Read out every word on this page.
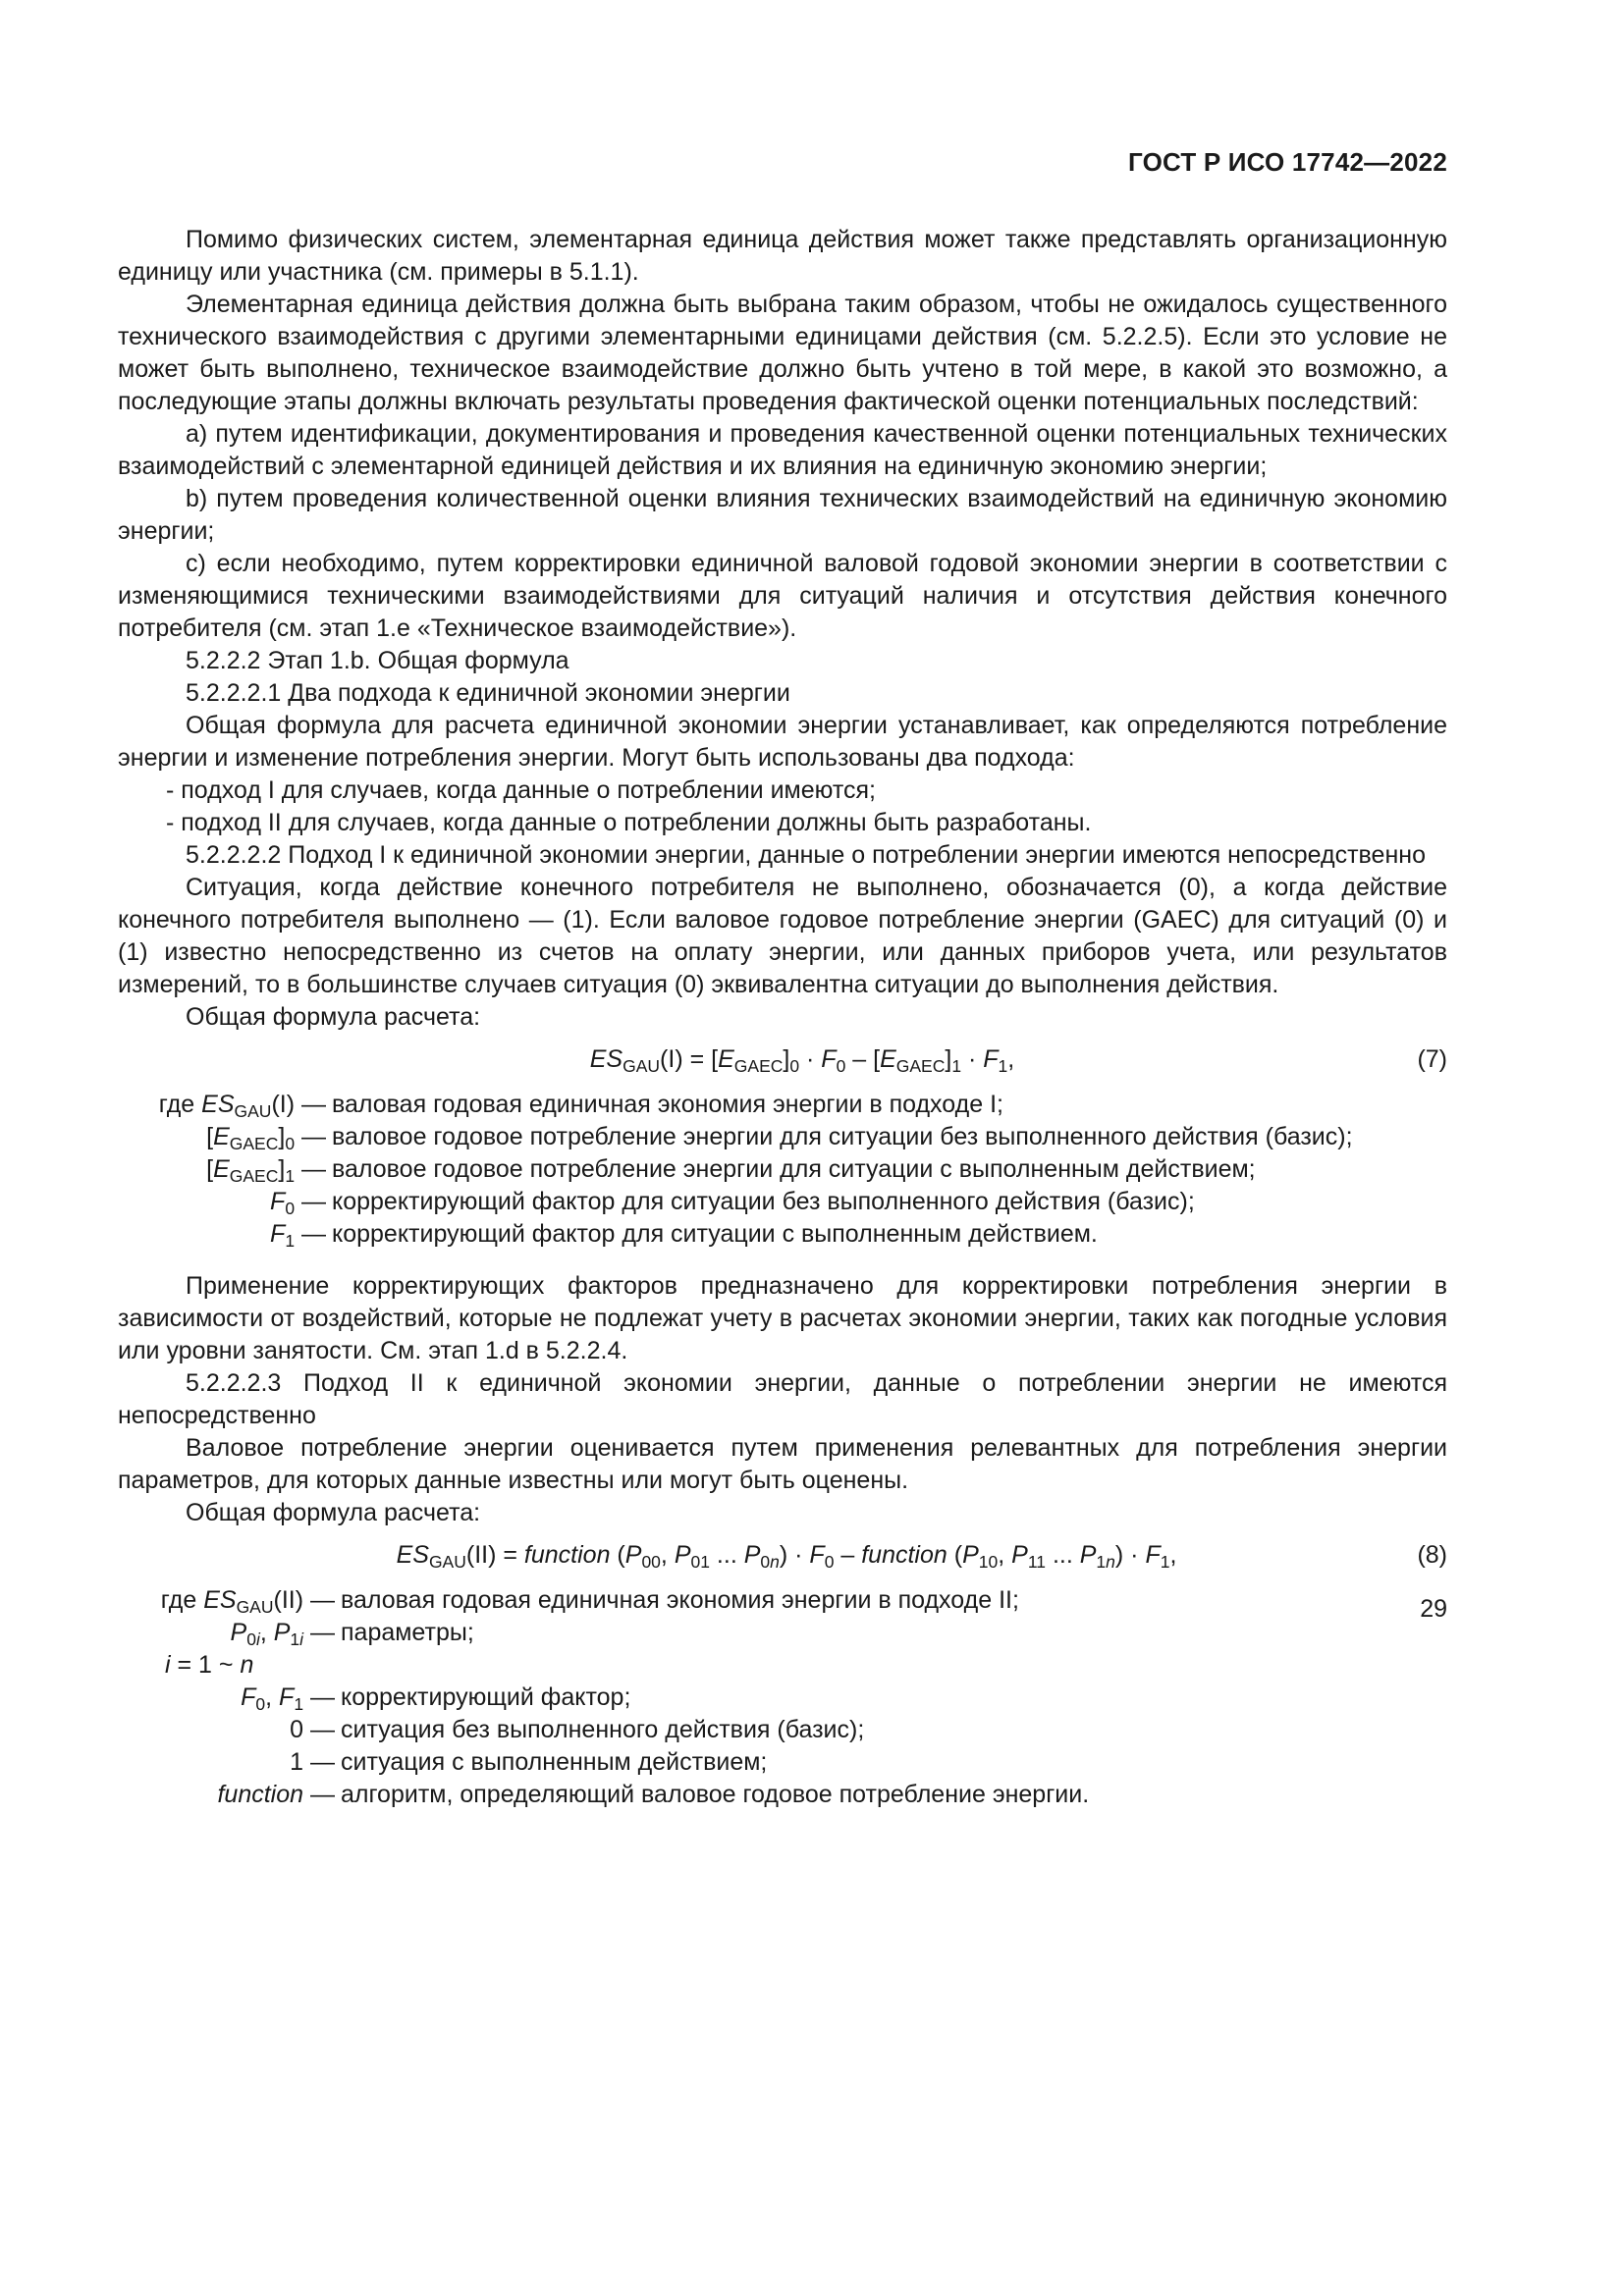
ГОСТ Р ИСО 17742—2022

Помимо физических систем, элементарная единица действия может также представлять организационную единицу или участника (см. примеры в 5.1.1).

Элементарная единица действия должна быть выбрана таким образом, чтобы не ожидалось существенного технического взаимодействия с другими элементарными единицами действия (см. 5.2.2.5). Если это условие не может быть выполнено, техническое взаимодействие должно быть учтено в той мере, в какой это возможно, а последующие этапы должны включать результаты проведения фактической оценки потенциальных последствий:

a) путем идентификации, документирования и проведения качественной оценки потенциальных технических взаимодействий с элементарной единицей действия и их влияния на единичную экономию энергии;

b) путем проведения количественной оценки влияния технических взаимодействий на единичную экономию энергии;

c) если необходимо, путем корректировки единичной валовой годовой экономии энергии в соответствии с изменяющимися техническими взаимодействиями для ситуаций наличия и отсутствия действия конечного потребителя (см. этап 1.е «Техническое взаимодействие»).

5.2.2.2 Этап 1.b. Общая формула

5.2.2.2.1 Два подхода к единичной экономии энергии

Общая формула для расчета единичной экономии энергии устанавливает, как определяются потребление энергии и изменение потребления энергии. Могут быть использованы два подхода:

- подход I для случаев, когда данные о потреблении имеются;

- подход II для случаев, когда данные о потреблении должны быть разработаны.

5.2.2.2.2 Подход I к единичной экономии энергии, данные о потреблении энергии имеются непосредственно

Ситуация, когда действие конечного потребителя не выполнено, обозначается (0), а когда действие конечного потребителя выполнено — (1). Если валовое годовое потребление энергии (GAEC) для ситуаций (0) и (1) известно непосредственно из счетов на оплату энергии, или данных приборов учета, или результатов измерений, то в большинстве случаев ситуация (0) эквивалентна ситуации до выполнения действия.

Общая формула расчета:

$ES_{GAU}(I) = [E_{GAEC}]_0 \cdot F_0 - [E_{GAEC}]_1 \cdot F_1$,	(7)
где $ES_{GAU}(I)$ — валовая годовая единичная экономия энергии в подходе I;
$[E_{GAEC}]_0$ — валовое годовое потребление энергии для ситуации без выполненного действия (базис);
$[E_{GAEC}]_1$ — валовое годовое потребление энергии для ситуации с выполненным действием;
$F_0$ — корректирующий фактор для ситуации без выполненного действия (базис);
$F_1$ — корректирующий фактор для ситуации с выполненным действием.

Применение корректирующих факторов предназначено для корректировки потребления энергии в зависимости от воздействий, которые не подлежат учету в расчетах экономии энергии, таких как погодные условия или уровни занятости. См. этап 1.d в 5.2.2.4.

5.2.2.2.3 Подход II к единичной экономии энергии, данные о потреблении энергии не имеются непосредственно

Валовое потребление энергии оценивается путем применения релевантных для потребления энергии параметров, для которых данные известны или могут быть оценены.

Общая формула расчета:

$ES_{GAU}(II)$ = function ($P_{00}$, $P_{01}$ ... $P_{0n}) \cdot F_0$ – function ($P_{10}$, $P_{11}$ ... $P_{1n}) \cdot F_1$,	(8)
где $ES_{GAU}(II)$ — валовая годовая единичная экономия энергии в подходе II;
$P_{0i}$, $P_{1i}$ — параметры;
i = 1 ~ n
$F_0$, $F_1$ — корректирующий фактор;
0 — ситуация без выполненного действия (базис);
1 — ситуация с выполненным действием;
function — алгоритм, определяющий валовое годовое потребление энергии.
29
